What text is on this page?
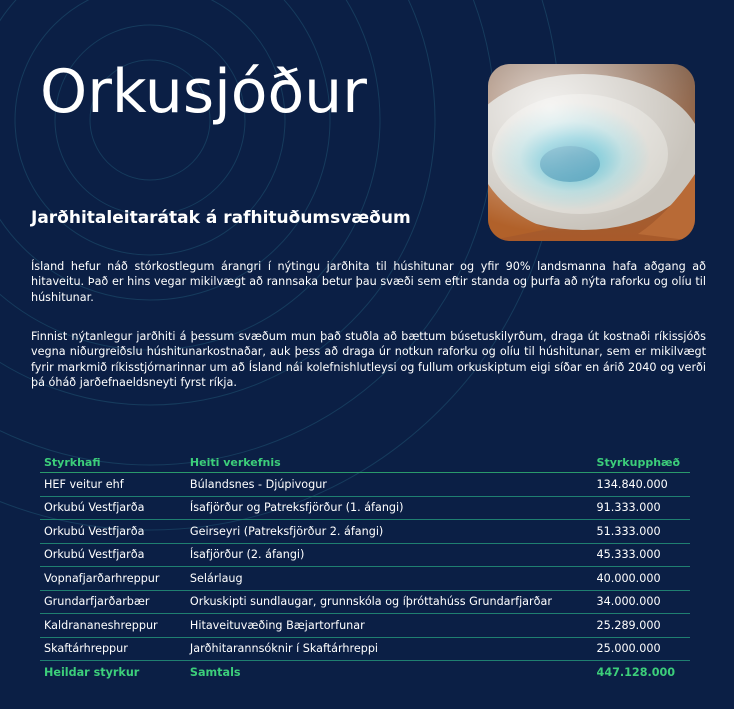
Orkusjóður
Jarðhitaleitarátak á rafhituðumsvæðum
Ísland hefur náð stórkostlegum árangri í nýtingu jarðhita til húshitunar og yfir 90% landsmanna hafa aðgang að hitaveitu. Það er hins vegar mikilvægt að rannsaka betur þau svæði sem eftir standa og þurfa að nýta raforku og olíu til húshitunar.
Finnist nýtanlegur jarðhiti á þessum svæðum mun það stuðla að bættum búsetuskilyrðum, draga út kostnaði ríkissjóðs vegna niðurgreiðslu húshitunarkostnaðar, auk þess að draga úr notkun raforku og olíu til húshitunar, sem er mikilvægt fyrir markmið ríkisstjórnarinnar um að Ísland nái kolefnishlutleysi og fullum orkuskiptum eigi síðar en árið 2040 og verði þá óháð jarðefnaeldsneyti fyrst ríkja.
Styrkhafi	Heiti verkefnis	Styrkupphæð
HEF veitur ehf	Búlandsnes - Djúpivogur	134.840.000
Orkubú Vestfjarða	Ísafjörður og Patreksfjörður (1. áfangi)	91.333.000
Orkubú Vestfjarða	Geirseyri (Patreksfjörður 2. áfangi)	51.333.000
Orkubú Vestfjarða	Ísafjörður (2. áfangi)	45.333.000
Vopnafjarðarhreppur	Selárlaug	40.000.000
Grundarfjarðarbær	Orkuskipti sundlaugar, grunnskóla og íþróttahúss Grundarfjarðar	34.000.000
Kaldrananeshreppur	Hitaveituvæðing Bæjartorfunar	25.289.000
Skaftárhreppur	Jarðhitarannsóknir í Skaftárhreppi	25.000.000
Heildar styrkur	Samtals	447.128.000
